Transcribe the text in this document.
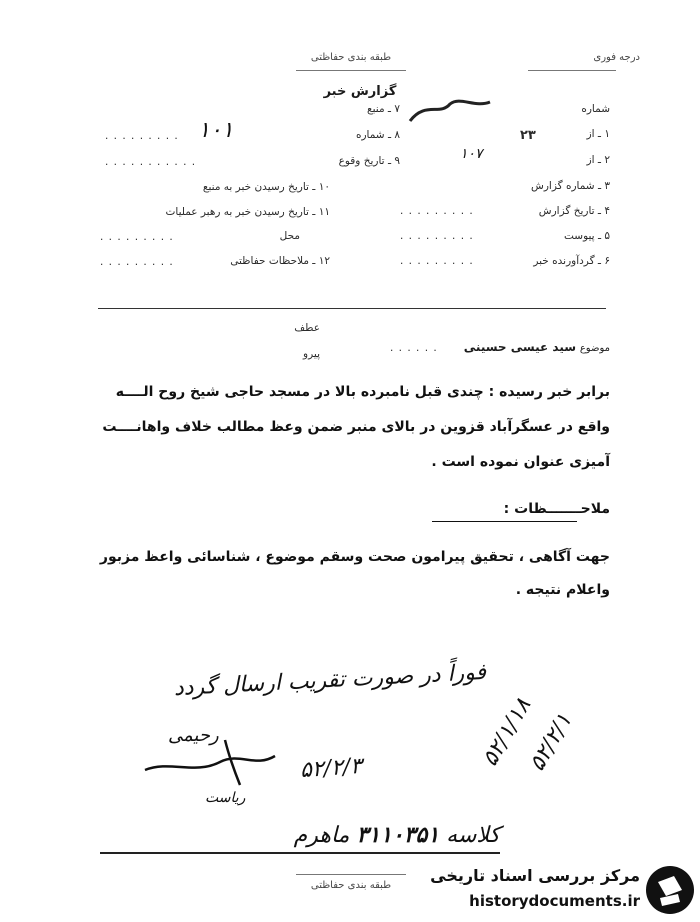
درجه فوری
طبقه بندی حفاظتی
گزارش خبر
شماره
۱ ـ از
۲ ـ از
۳ ـ شماره گزارش
۴ ـ تاریخ گزارش
۵ ـ پیوست
۶ ـ گردآورنده خبر
۲۳
. . . . . . . . .
. . . . . . . . .
. . . . . . . . .
۷ ـ منبع
۸ ـ شماره
۹ ـ تاریخ وقوع
۱۰ ـ تاریخ رسیدن خبر به منبع
۱۱ ـ تاریخ رسیدن خبر به رهبر عملیات
محل
۱۲ ـ ملاحظات حفاظتی
. . . . . . . . .
. . . . . . . . . . .
. . . . . . . . .
. . . . . . . . .
۱۰۱
۱۰۷
عطف
پیرو	موضوع سید عیسی حسینی
. . . . . .
برابر خبر رسیده : چندی قبل نامبرده بالا در مسجد حاجی شیخ روح الــــه
واقع در عسگرآباد قزوین در بالای منبر ضمن وعظ مطالب خلاف واهانــــت
آمیزی عنوان نموده است .
ملاحـــــــظات :
جهت آگاهی ، تحقیق پیرامون صحت وسقم موضوع ، شناسائی واعظ مزبور
واعلام نتیجه .
فوراً در صورت تقریب ارسال گردد
۵۲/۲/۳	۵۲/۱/۱۸
۵۲/۲/۱
رحیمی
ریاست
کلاسه ۳۱۱۰۳۵۱ ماهرم
طبقه بندی حفاظتی
مرکز بررسی اسناد تاریخی
historydocuments.ir
